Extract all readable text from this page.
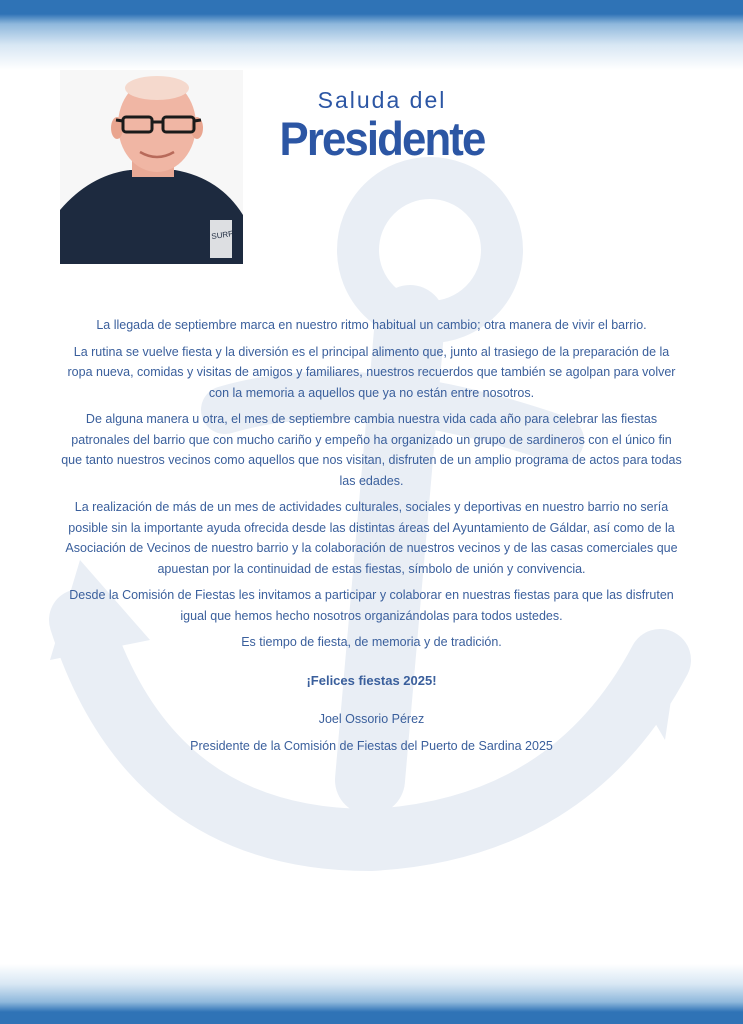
SURF
Saluda del
Presidente

La llegada de septiembre marca en nuestro ritmo habitual un cambio; otra manera de vivir el barrio.

La rutina se vuelve fiesta y la diversión es el principal alimento que, junto al trasiego de la preparación de la ropa nueva, comidas y visitas de amigos y familiares, nuestros recuerdos que también se agolpan para volver con la memoria a aquellos que ya no están entre nosotros.

De alguna manera u otra, el mes de septiembre cambia nuestra vida cada año para celebrar las fiestas patronales del barrio que con mucho cariño y empeño ha organizado un grupo de sardineros con el único fin que tanto nuestros vecinos como aquellos que nos visitan, disfruten de un amplio programa de actos para todas las edades.

La realización de más de un mes de actividades culturales, sociales y deportivas en nuestro barrio no sería posible sin la importante ayuda ofrecida desde las distintas áreas del Ayuntamiento de Gáldar, así como de la Asociación de Vecinos de nuestro barrio y la colaboración de nuestros vecinos y de las casas comerciales que apuestan por la continuidad de estas fiestas, símbolo de unión y convivencia.

Desde la Comisión de Fiestas les invitamos a participar y colaborar en nuestras fiestas para que las disfruten igual que hemos hecho nosotros organizándolas para todos ustedes.

Es tiempo de fiesta, de memoria y de tradición.

¡Felices fiestas 2025!

Joel Ossorio Pérez

Presidente de la Comisión de Fiestas del Puerto de Sardina 2025
